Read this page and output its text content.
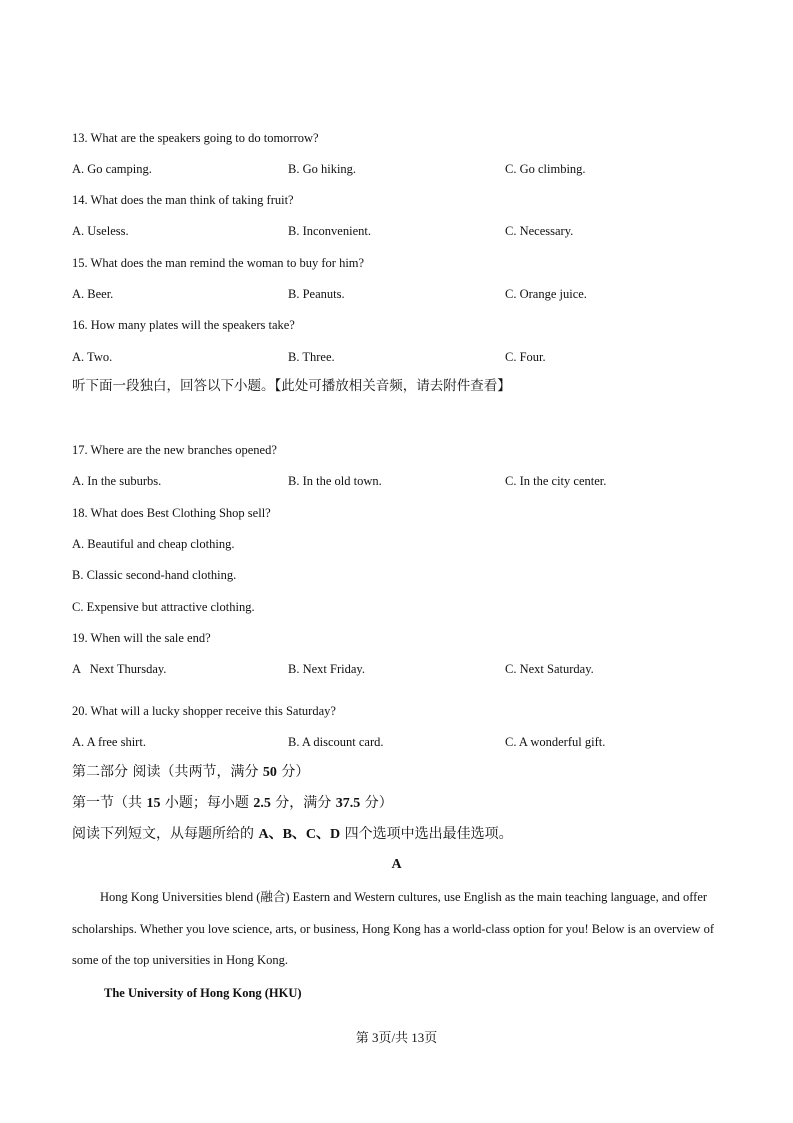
13. What are the speakers going to do tomorrow?
A. Go camping.	B. Go hiking.	C. Go climbing.
14. What does the man think of taking fruit?
A. Useless.	B. Inconvenient.	C. Necessary.
15. What does the man remind the woman to buy for him?
A. Beer.	B. Peanuts.	C. Orange juice.
16. How many plates will the speakers take?
A. Two.	B. Three.	C. Four.
听下面一段独白，回答以下小题。【此处可播放相关音频，请去附件查看】
17. Where are the new branches opened?
A. In the suburbs.	B. In the old town.	C. In the city center.
18. What does Best Clothing Shop sell?
A. Beautiful and cheap clothing.
B. Classic second-hand clothing.
C. Expensive but attractive clothing.
19. When will the sale end?
A   Next Thursday.	B. Next Friday.	C. Next Saturday.
20. What will a lucky shopper receive this Saturday?
A. A free shirt.	B. A discount card.	C. A wonderful gift.
第二部分 阅读（共两节，满分 50 分）
第一节（共 15 小题；每小题 2.5 分，满分 37.5 分）
阅读下列短文，从每题所给的 A、B、C、D 四个选项中选出最佳选项。
A
Hong Kong Universities blend (融合) Eastern and Western cultures, use English as the main teaching language, and offer scholarships. Whether you love science, arts, or business, Hong Kong has a world-class option for you! Below is an overview of some of the top universities in Hong Kong.
The University of Hong Kong (HKU)
第 3页/共 13页
